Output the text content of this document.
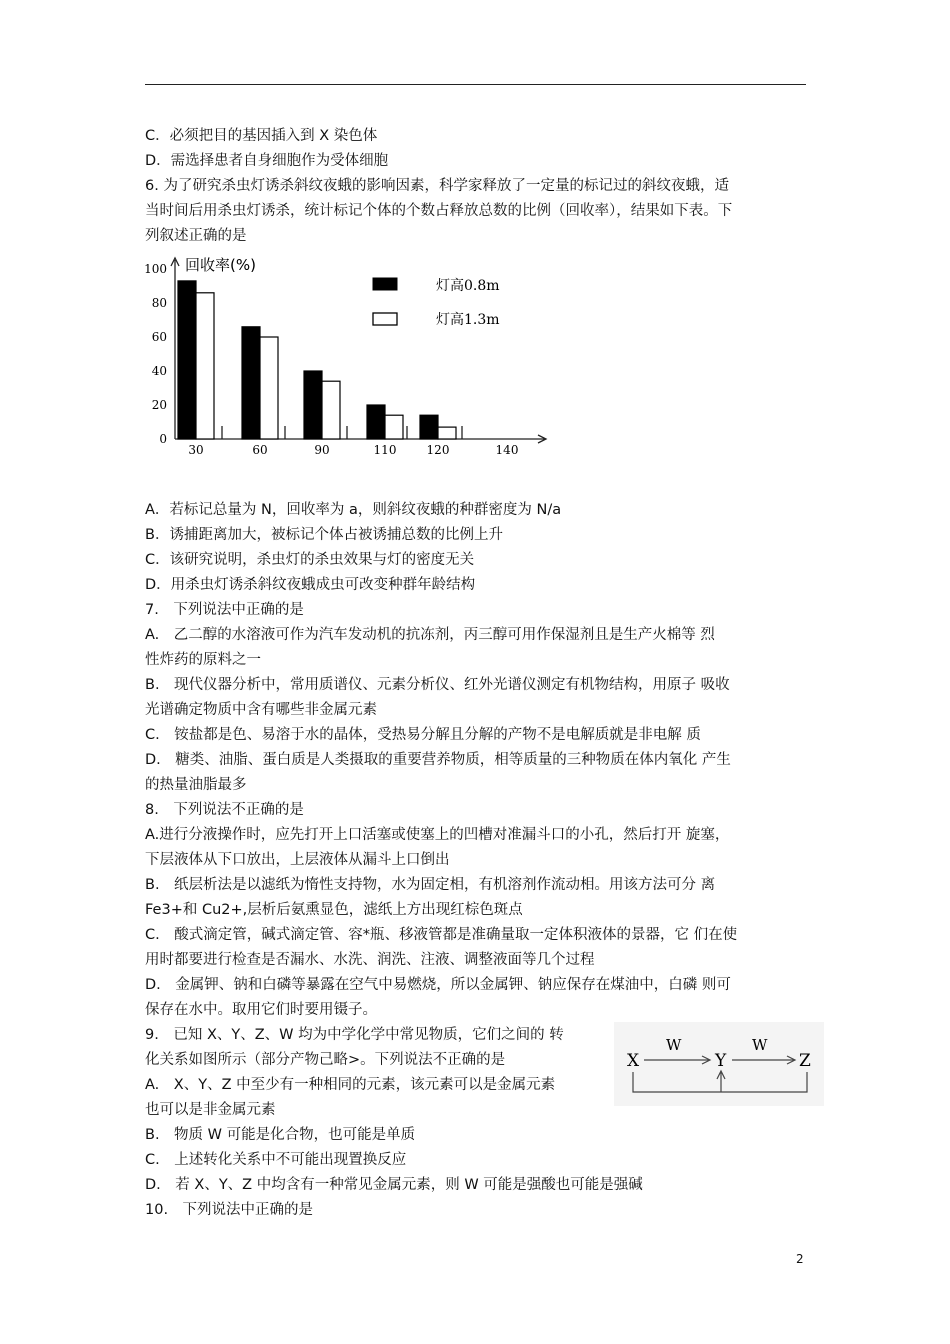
C．必须把目的基因插入到 X 染色体
D．需选择患者自身细胞作为受体细胞
6. 为了研究杀虫灯诱杀斜纹夜蛾的影响因素，科学家释放了一定量的标记过的斜纹夜蛾，适
当时间后用杀虫灯诱杀，统计标记个体的个数占释放总数的比例（回收率），结果如下表。下
列叙述正确的是
A．若标记总量为 N，回收率为 a，则斜纹夜蛾的种群密度为 N/a
B．诱捕距离加大，被标记个体占被诱捕总数的比例上升
C．该研究说明，杀虫灯的杀虫效果与灯的密度无关
D．用杀虫灯诱杀斜纹夜蛾成虫可改变种群年龄结构
7.　下列说法中正确的是
A.　乙二醇的水溶液可作为汽车发动机的抗冻剂，丙三醇可用作保湿剂且是生产火棉等 烈
性炸药的原料之一
B.　现代仪器分析中，常用质谱仪、元素分析仪、红外光谱仪测定有机物结构，用原子 吸收
光谱确定物质中含有哪些非金属元素
C.　铵盐都是色、易溶于水的晶体，受热易分解且分解的产物不是电解质就是非电解 质
D.　糖类、油脂、蛋白质是人类摄取的重要营养物质，相等质量的三种物质在体内氧化 产生
的热量油脂最多
8.　下列说法不正确的是
A.进行分液操作时，应先打开上口活塞或使塞上的凹槽对准漏斗口的小孔，然后打开 旋塞，
下层液体从下口放出，上层液体从漏斗上口倒出
B.　纸层析法是以滤纸为惰性支持物，水为固定相，有机溶剂作流动相。用该方法可分 离
Fe3+和 Cu2+,层析后氨熏显色，滤纸上方出现红棕色斑点
C.　酸式滴定管，碱式滴定管、容*瓶、移液管都是准确量取一定体积液体的景器，它 们在使
用时都要进行检查是否漏水、水洗、润洗、注液、调整液面等几个过程
D.　金属钾、钠和白磷等暴露在空气中易燃烧，所以金属钾、钠应保存在煤油中，白磷 则可
保存在水中。取用它们时要用镊子。
9.　已知 X、Y、Z、W 均为中学化学中常见物质，它们之间的 转
化关系如图所示（部分产物己略>。下列说法不正确的是
A.　X、Y、Z 中至少有一种相同的元素，该元素可以是金属元素
也可以是非金属元素
B.　物质 W 可能是化合物，也可能是单质
C.　上述转化关系中不可能出现置换反应
D.　若 X、Y、Z 中均含有一种常见金属元素，则 W 可能是强酸也可能是强碱
10.　下列说法中正确的是
回收率(%)
100
80
60
40
20
0
30	60	90	110	120	140
灯高0.8m
灯高1.3m
X	Y	Z
W	W
2
